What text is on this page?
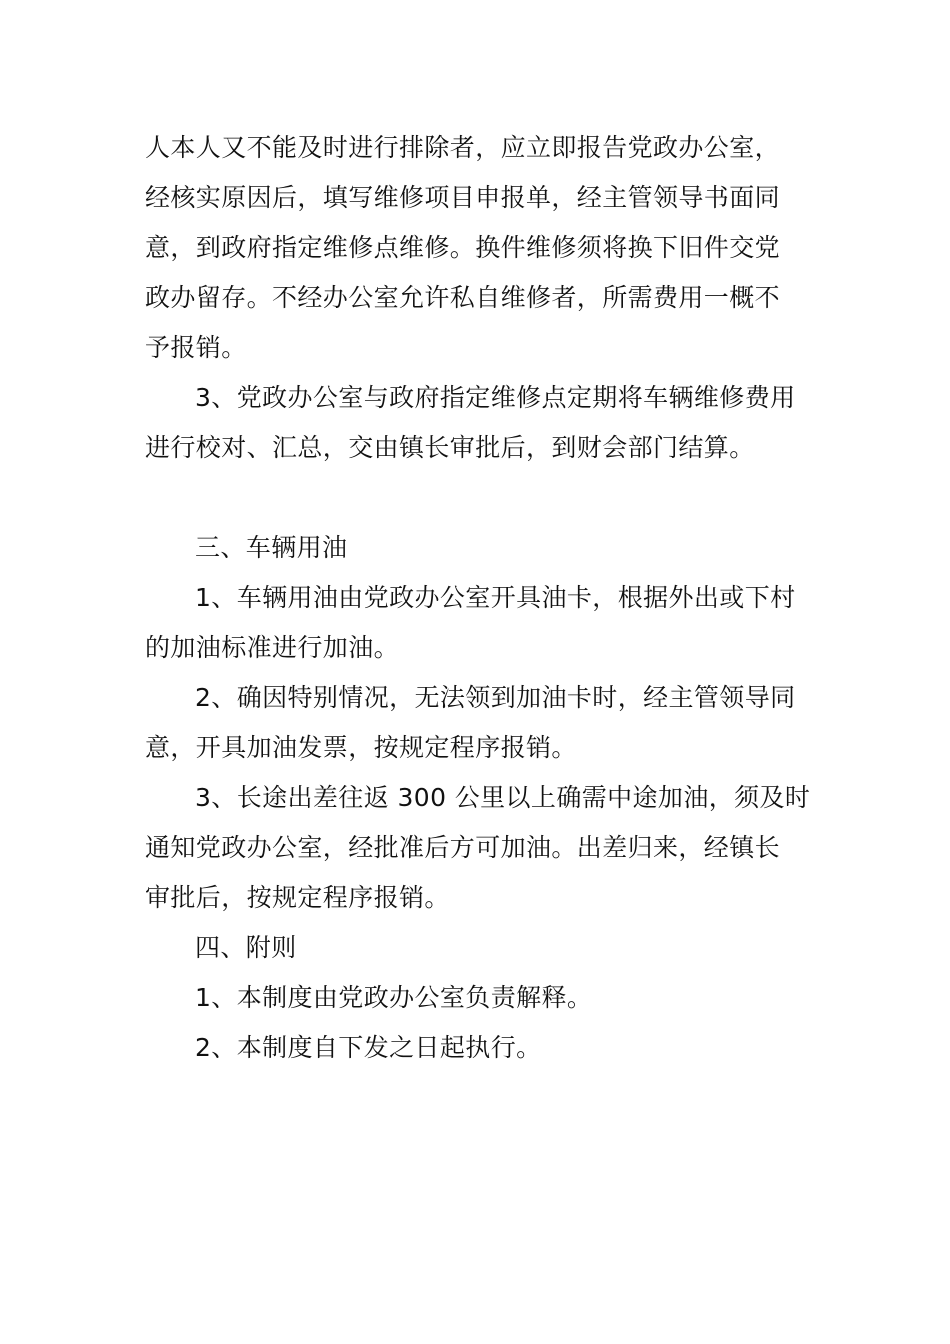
人本人又不能及时进行排除者，应立即报告党政办公室，
经核实原因后，填写维修项目申报单，经主管领导书面同
意，到政府指定维修点维修。换件维修须将换下旧件交党
政办留存。不经办公室允许私自维修者，所需费用一概不
予报销。
3、党政办公室与政府指定维修点定期将车辆维修费用
进行校对、汇总，交由镇长审批后，到财会部门结算。
三、车辆用油
1、车辆用油由党政办公室开具油卡，根据外出或下村
的加油标准进行加油。
2、确因特别情况，无法领到加油卡时，经主管领导同
意，开具加油发票，按规定程序报销。
3、长途出差往返 300 公里以上确需中途加油，须及时
通知党政办公室，经批准后方可加油。出差归来，经镇长
审批后，按规定程序报销。
四、附则
1、本制度由党政办公室负责解释。
2、本制度自下发之日起执行。
